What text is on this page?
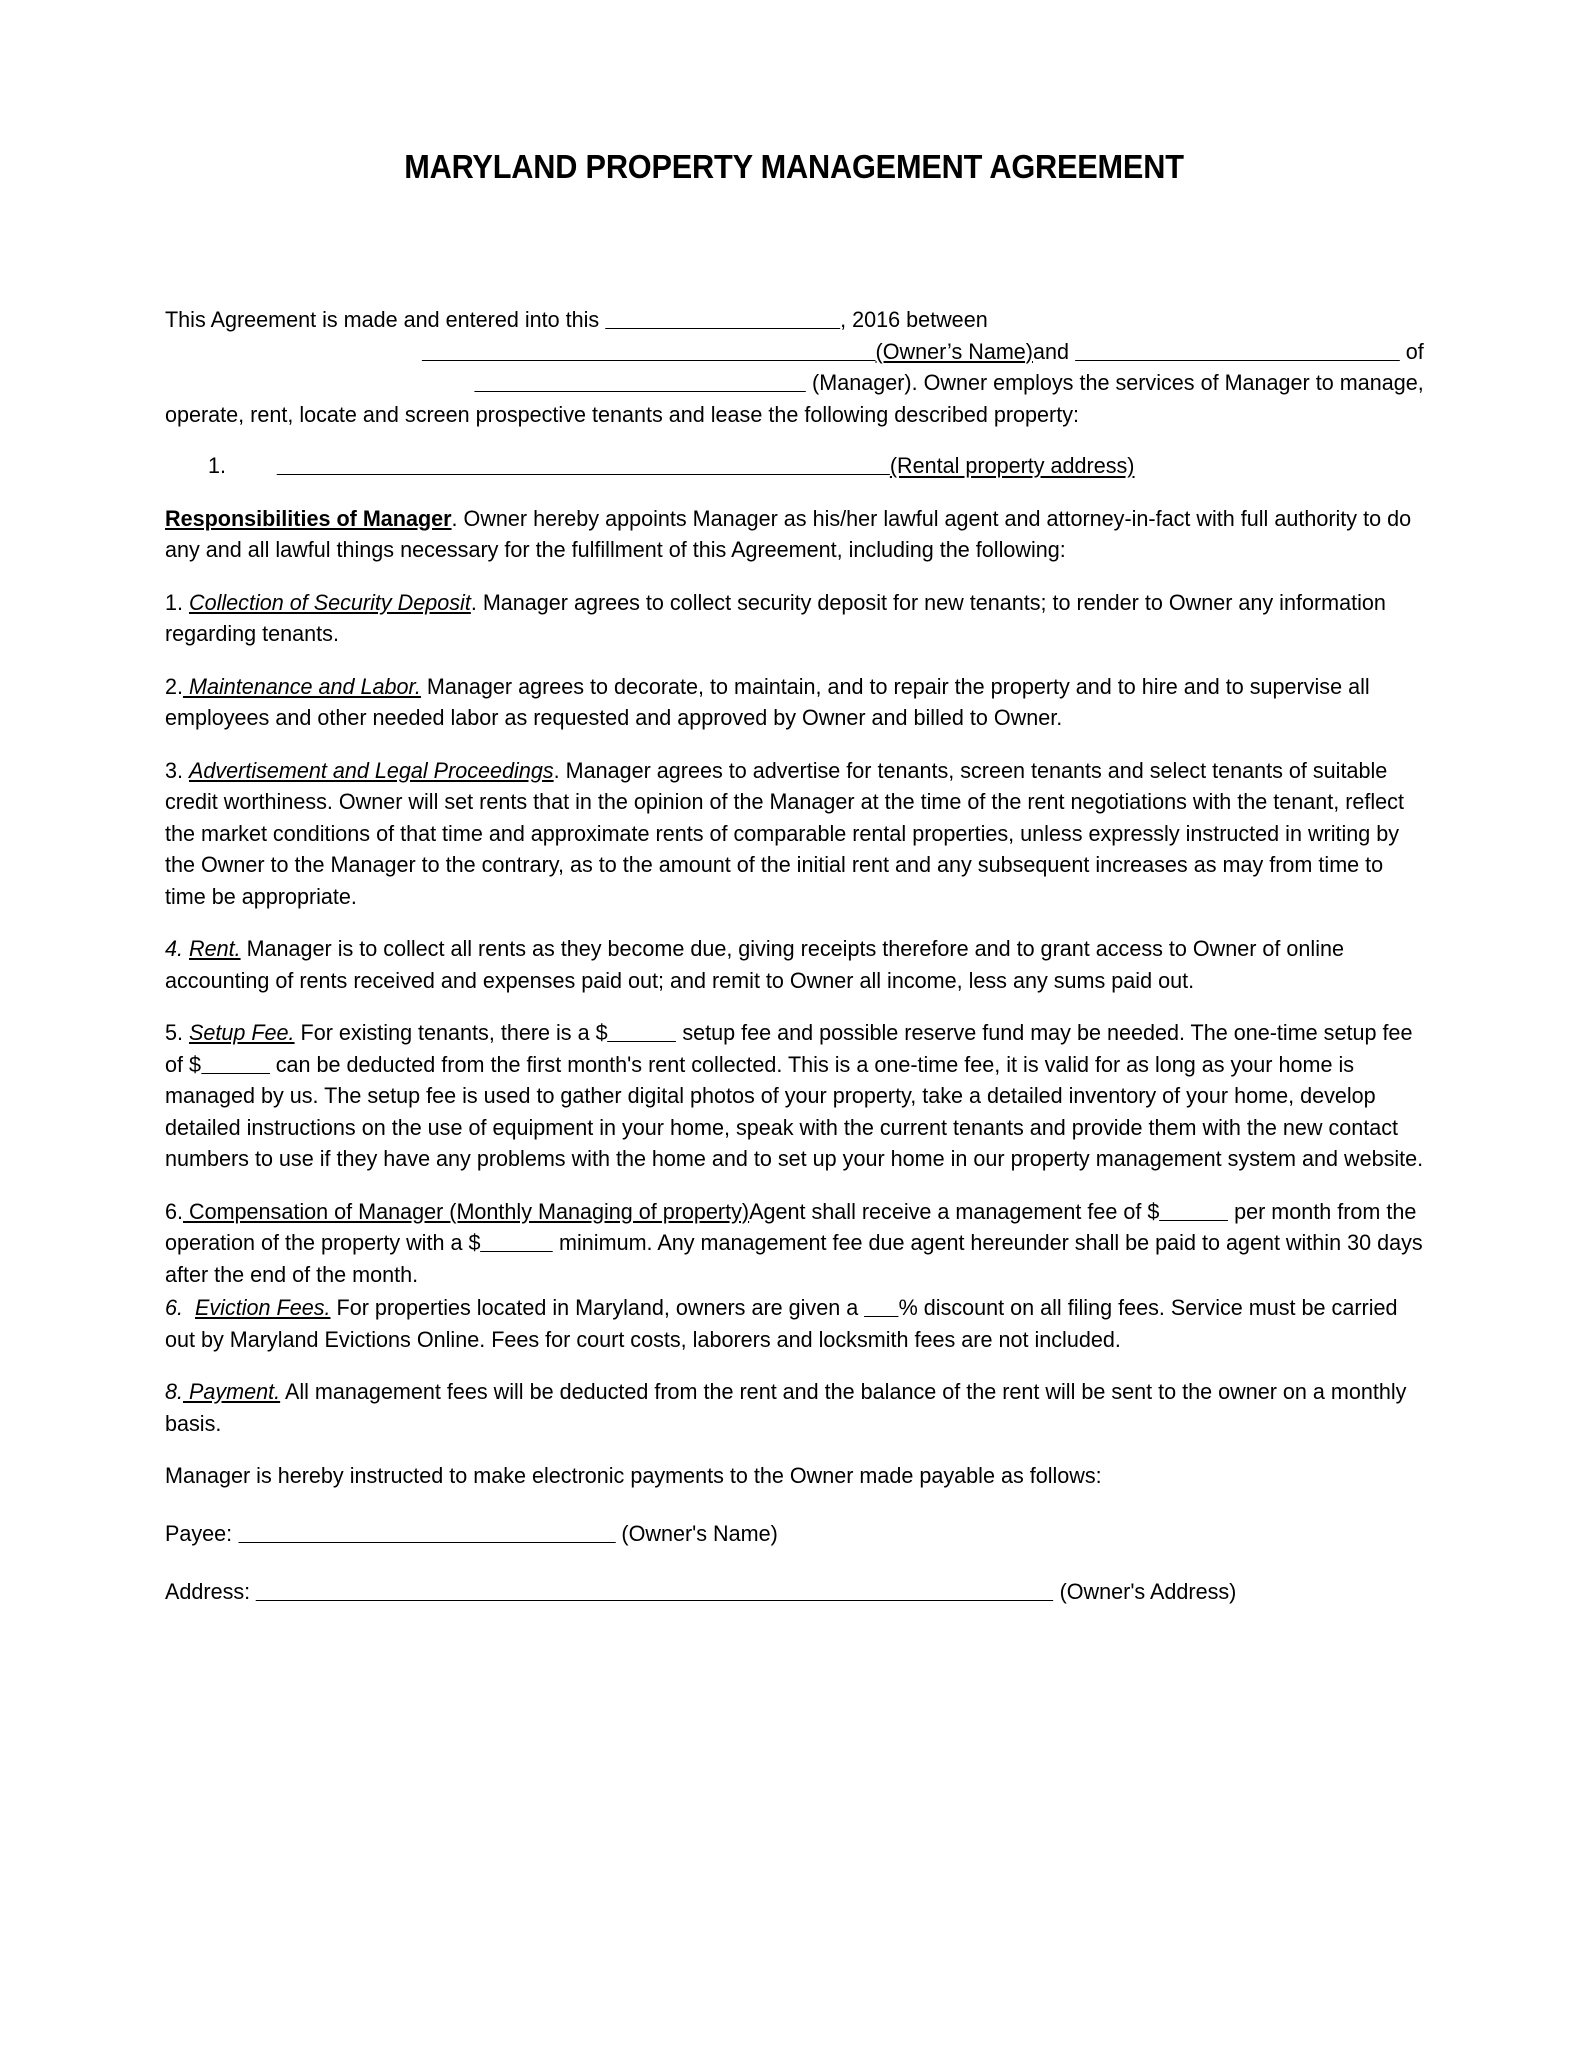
MARYLAND PROPERTY MANAGEMENT AGREEMENT

This Agreement is made and entered into this	, 2016 between

(Owner’s Name)and	of

(Manager). Owner employs the services of Manager to manage,

operate, rent, locate and screen prospective tenants and lease the following described property:

1.	(Rental property address)

Responsibilities of Manager. Owner hereby appoints Manager as his/her lawful agent and attorney-in-fact with full authority to do any and all lawful things necessary for the fulfillment of this Agreement, including the following:

1. Collection of Security Deposit. Manager agrees to collect security deposit for new tenants; to render to Owner any information regarding tenants.

2. Maintenance and Labor. Manager agrees to decorate, to maintain, and to repair the property and to hire and to supervise all employees and other needed labor as requested and approved by Owner and billed to Owner.

3. Advertisement and Legal Proceedings. Manager agrees to advertise for tenants, screen tenants and select tenants of suitable credit worthiness. Owner will set rents that in the opinion of the Manager at the time of the rent negotiations with the tenant, reflect the market conditions of that time and approximate rents of comparable rental properties, unless expressly instructed in writing by the Owner to the Manager to the contrary, as to the amount of the initial rent and any subsequent increases as may from time to time be appropriate.

4. Rent. Manager is to collect all rents as they become due, giving receipts therefore and to grant access to Owner of online accounting of rents received and expenses paid out; and remit to Owner all income, less any sums paid out.

5. Setup Fee. For existing tenants, there is a $	setup fee and possible reserve fund may be needed. The one-time setup fee of $	can be deducted from the first month's rent collected. This is a one-time fee, it is valid for as long as your home is managed by us. The setup fee is used to gather digital photos of your property, take a detailed inventory of your home, develop detailed instructions on the use of equipment in your home, speak with the current tenants and provide them with the new contact numbers to use if they have any problems with the home and to set up your home in our property management system and website.

6. Compensation of Manager (Monthly Managing of property)Agent shall receive a management fee of $	per month from the operation of the property with a $	minimum. Any management fee due agent hereunder shall be paid to agent within 30 days after the end of the month.

6. Eviction Fees. For properties located in Maryland, owners are given a % discount on all filing fees. Service must be carried out by Maryland Evictions Online. Fees for court costs, laborers and locksmith fees are not included.

8. Payment. All management fees will be deducted from the rent and the balance of the rent will be sent to the owner on a monthly basis.

Manager is hereby instructed to make electronic payments to the Owner made payable as follows:

Payee:	(Owner's Name)

Address:	(Owner's Address)
